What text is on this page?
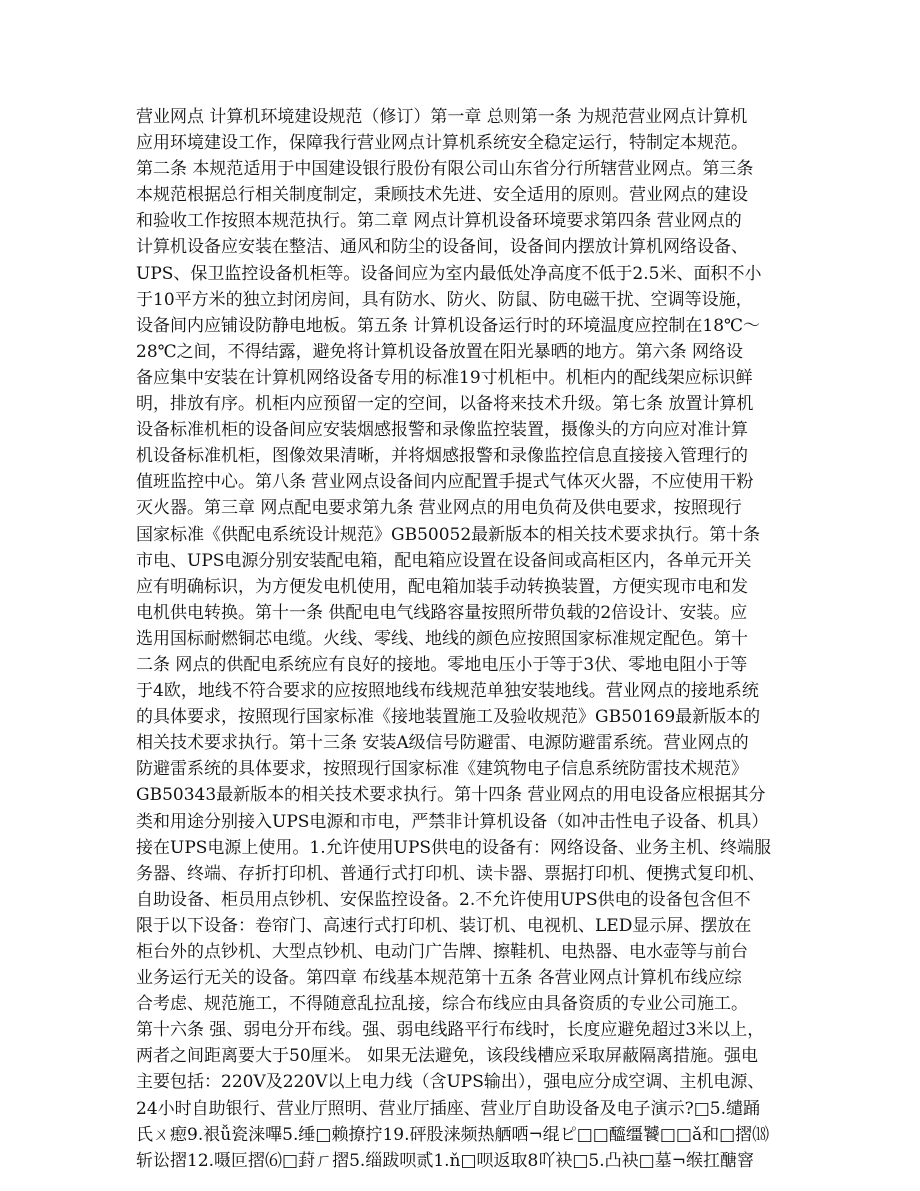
营业网点 计算机环境建设规范（修订）第一章 总则第一条 为规范营业网点计算机
应用环境建设工作，保障我行营业网点计算机系统安全稳定运行，特制定本规范。
第二条 本规范适用于中国建设银行股份有限公司山东省分行所辖营业网点。第三条
本规范根据总行相关制度制定，秉顾技术先进、安全适用的原则。营业网点的建设
和验收工作按照本规范执行。第二章 网点计算机设备环境要求第四条 营业网点的
计算机设备应安装在整洁、通风和防尘的设备间，设备间内摆放计算机网络设备、
UPS、保卫监控设备机柜等。设备间应为室内最低处净高度不低于2.5米、面积不小
于10平方米的独立封闭房间，具有防水、防火、防鼠、防电磁干扰、空调等设施，
设备间内应铺设防静电地板。第五条 计算机设备运行时的环境温度应控制在18℃～
28℃之间，不得结露，避免将计算机设备放置在阳光暴晒的地方。第六条 网络设
备应集中安装在计算机网络设备专用的标准19寸机柜中。机柜内的配线架应标识鲜
明，排放有序。机柜内应预留一定的空间，以备将来技术升级。第七条 放置计算机
设备标准机柜的设备间应安装烟感报警和录像监控装置，摄像头的方向应对准计算
机设备标准机柜，图像效果清晰，并将烟感报警和录像监控信息直接接入管理行的
值班监控中心。第八条 营业网点设备间内应配置手提式气体灭火器，不应使用干粉
灭火器。第三章 网点配电要求第九条 营业网点的用电负荷及供电要求，按照现行
国家标准《供配电系统设计规范》GB50052最新版本的相关技术要求执行。第十条
市电、UPS电源分别安装配电箱，配电箱应设置在设备间或高柜区内，各单元开关
应有明确标识，为方便发电机使用，配电箱加装手动转换装置，方便实现市电和发
电机供电转换。第十一条 供配电电气线路容量按照所带负载的2倍设计、安装。应
选用国标耐燃铜芯电缆。火线、零线、地线的颜色应按照国家标准规定配色。第十
二条 网点的供配电系统应有良好的接地。零地电压小于等于3伏、零地电阻小于等
于4欧，地线不符合要求的应按照地线布线规范单独安装地线。营业网点的接地系统
的具体要求，按照现行国家标准《接地装置施工及验收规范》GB50169最新版本的
相关技术要求执行。第十三条 安装A级信号防避雷、电源防避雷系统。营业网点的
防避雷系统的具体要求，按照现行国家标准《建筑物电子信息系统防雷技术规范》
GB50343最新版本的相关技术要求执行。第十四条 营业网点的用电设备应根据其分
类和用途分别接入UPS电源和市电，严禁非计算机设备（如冲击性电子设备、机具）
接在UPS电源上使用。1.允许使用UPS供电的设备有：网络设备、业务主机、终端服
务器、终端、存折打印机、普通行式打印机、读卡器、票据打印机、便携式复印机、
自助设备、柜员用点钞机、安保监控设备。2.不允许使用UPS供电的设备包含但不
限于以下设备：卷帘门、高速行式打印机、装订机、电视机、LED显示屏、摆放在
柜台外的点钞机、大型点钞机、电动门广告牌、擦鞋机、电热器、电水壶等与前台
业务运行无关的设备。第四章 布线基本规范第十五条 各营业网点计算机布线应综
合考虑、规范施工，不得随意乱拉乱接，综合布线应由具备资质的专业公司施工。
第十六条 强、弱电分开布线。强、弱电线路平行布线时，长度应避免超过3米以上，
两者之间距离要大于50厘米。 如果无法避免，该段线槽应采取屏蔽隔离措施。强电
主要包括：220V及220V以上电力线（含UPS输出），强电应分成空调、主机电源、
24小时自助银行、营业厅照明、营业厅插座、营业厅自助设备及电子演示?□5.缱踊
氏ㄨ瘛9.裉ǚ瓷涞嗶5.缍□赖撩拧19.砰股涞频热舾哂¬绲ピ□□醯缰饕□□ǎ和□摺⒅
斩讼摺12.嗫叵摺⑹□葑ㄏ摺5.缁跋呗贰1.ň□呗返取8吖袂□5.凸袂□墓¬缑扛醣窨
